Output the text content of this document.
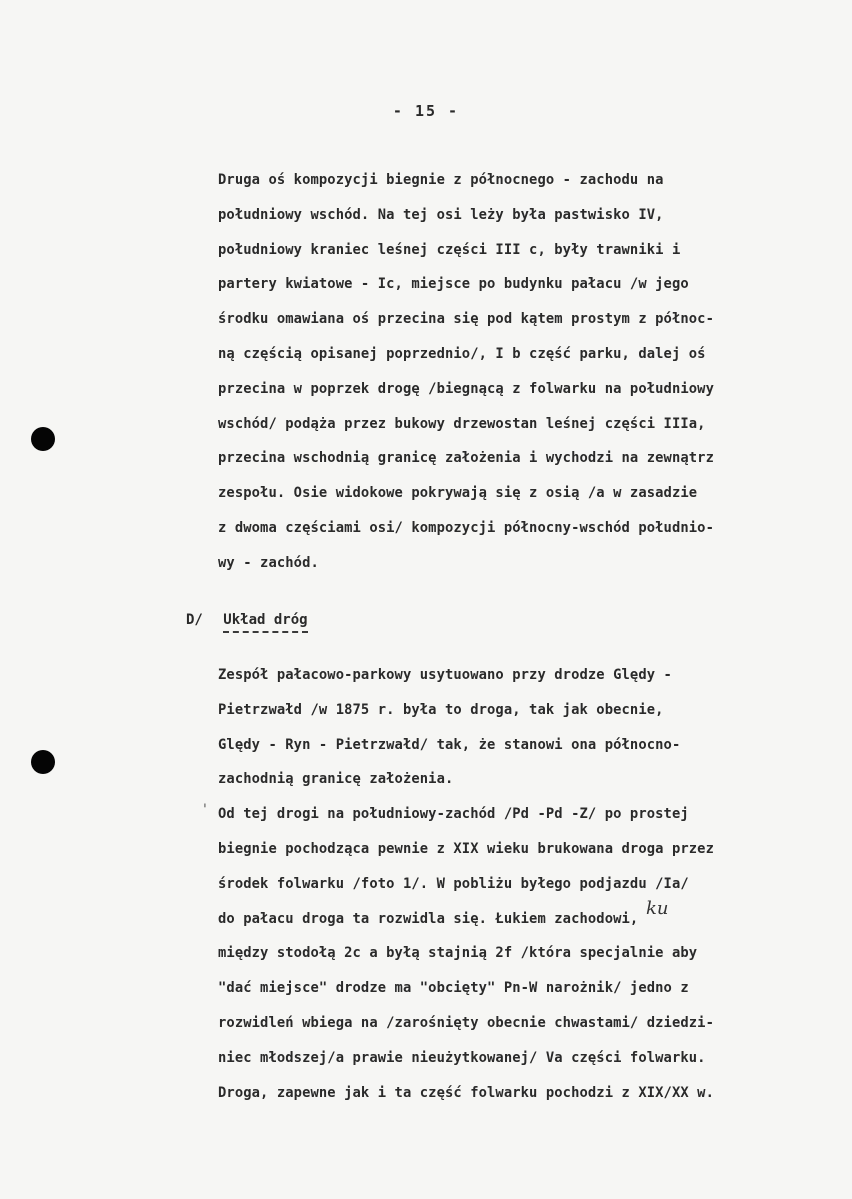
- 15 -
Druga oś kompozycji biegnie z północnego - zachodu na
południowy wschód. Na tej osi leży była pastwisko IV,
południowy kraniec leśnej części III c, były trawniki i
partery kwiatowe - Ic, miejsce po budynku pałacu /w jego
środku omawiana oś przecina się pod kątem prostym z północ-
ną częścią opisanej poprzednio/, I b część parku, dalej oś
przecina w poprzek drogę /biegnącą z folwarku na południowy
wschód/ podąża przez bukowy drzewostan leśnej części IIIa,
przecina wschodnią granicę założenia i wychodzi na zewnątrz
zespołu. Osie widokowe pokrywają się z osią /a w zasadzie
z dwoma częściami osi/ kompozycji północny-wschód południo-
wy - zachód.
D/ Układ dróg
Zespół pałacowo-parkowy usytuowano przy drodze Ględy -
Pietrzwałd /w 1875 r. była to droga, tak jak obecnie,
Ględy - Ryn - Pietrzwałd/ tak, że stanowi ona północno-
zachodnią granicę założenia.
Od tej drogi na południowy-zachód /Pd -Pd -Z/ po prostej
biegnie pochodząca pewnie z XIX wieku brukowana droga przez
środek folwarku /foto 1/. W pobliżu byłego podjazdu /Ia/
do pałacu droga ta rozwidla się. Łukiem zachodowi,
między stodołą 2c a byłą stajnią 2f /która specjalnie aby
"dać miejsce" drodze ma "obcięty" Pn-W narożnik/ jedno z
rozwidleń wbiega na /zarośnięty obecnie chwastami/ dziedzi-
niec młodszej/a prawie nieużytkowanej/ Va części folwarku.
Droga, zapewne jak i ta część folwarku pochodzi z XIX/XX w.
'
ku
